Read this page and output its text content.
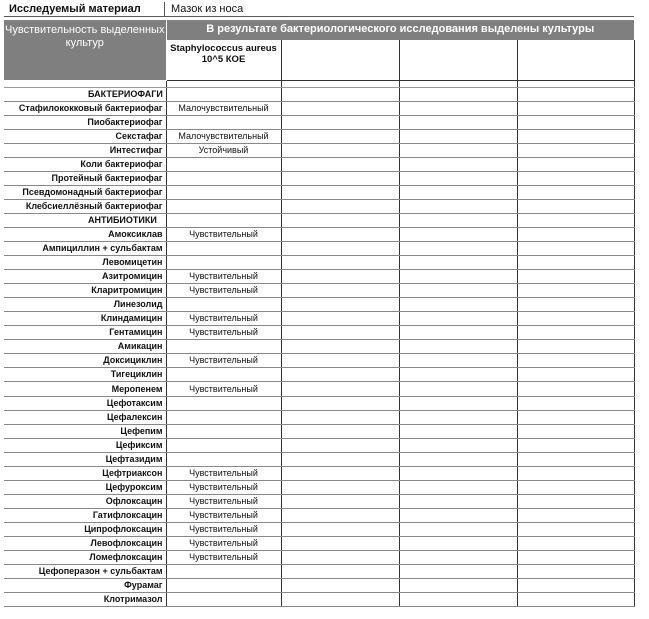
Исследуемый материал	Мазок из носа
Чувствительность выделенных культур	В результате бактериологического исследования выделены культуры			
	Staphylococcus aureus 10^5 КОЕ			

БАКТЕРИОФАГИ				
Стафилококковый бактериофаг	Малочувствительный			
Пиобактериофаг				
Секстафаг	Малочувствительный			
Интестифаг	Устойчивый			
Коли бактериофаг				
Протейный бактериофаг				
Псевдомонадный бактериофаг				
Клебсиеллёзный бактериофаг				
АНТИБИОТИКИ				
Амоксиклав	Чувствительный			
Ампициллин + сульбактам				
Левомицетин				
Азитромицин	Чувствительный			
Кларитромицин	Чувствительный			
Линезолид				
Клиндамицин	Чувствительный			
Гентамицин	Чувствительный			
Амикацин				
Доксициклин	Чувствительный			
Тигециклин				
Меропенем	Чувствительный			
Цефотаксим				
Цефалексин				
Цефепим				
Цефиксим				
Цефтазидим				
Цефтриаксон	Чувствительный			
Цефуроксим	Чувствительный			
Офлоксацин	Чувствительный			
Гатифлоксацин	Чувствительный			
Ципрофлоксацин	Чувствительный			
Левофлоксацин	Чувствительный			
Ломефлоксацин	Чувствительный			
Цефоперазон + сульбактам				
Фурамаг				
Клотримазол				
